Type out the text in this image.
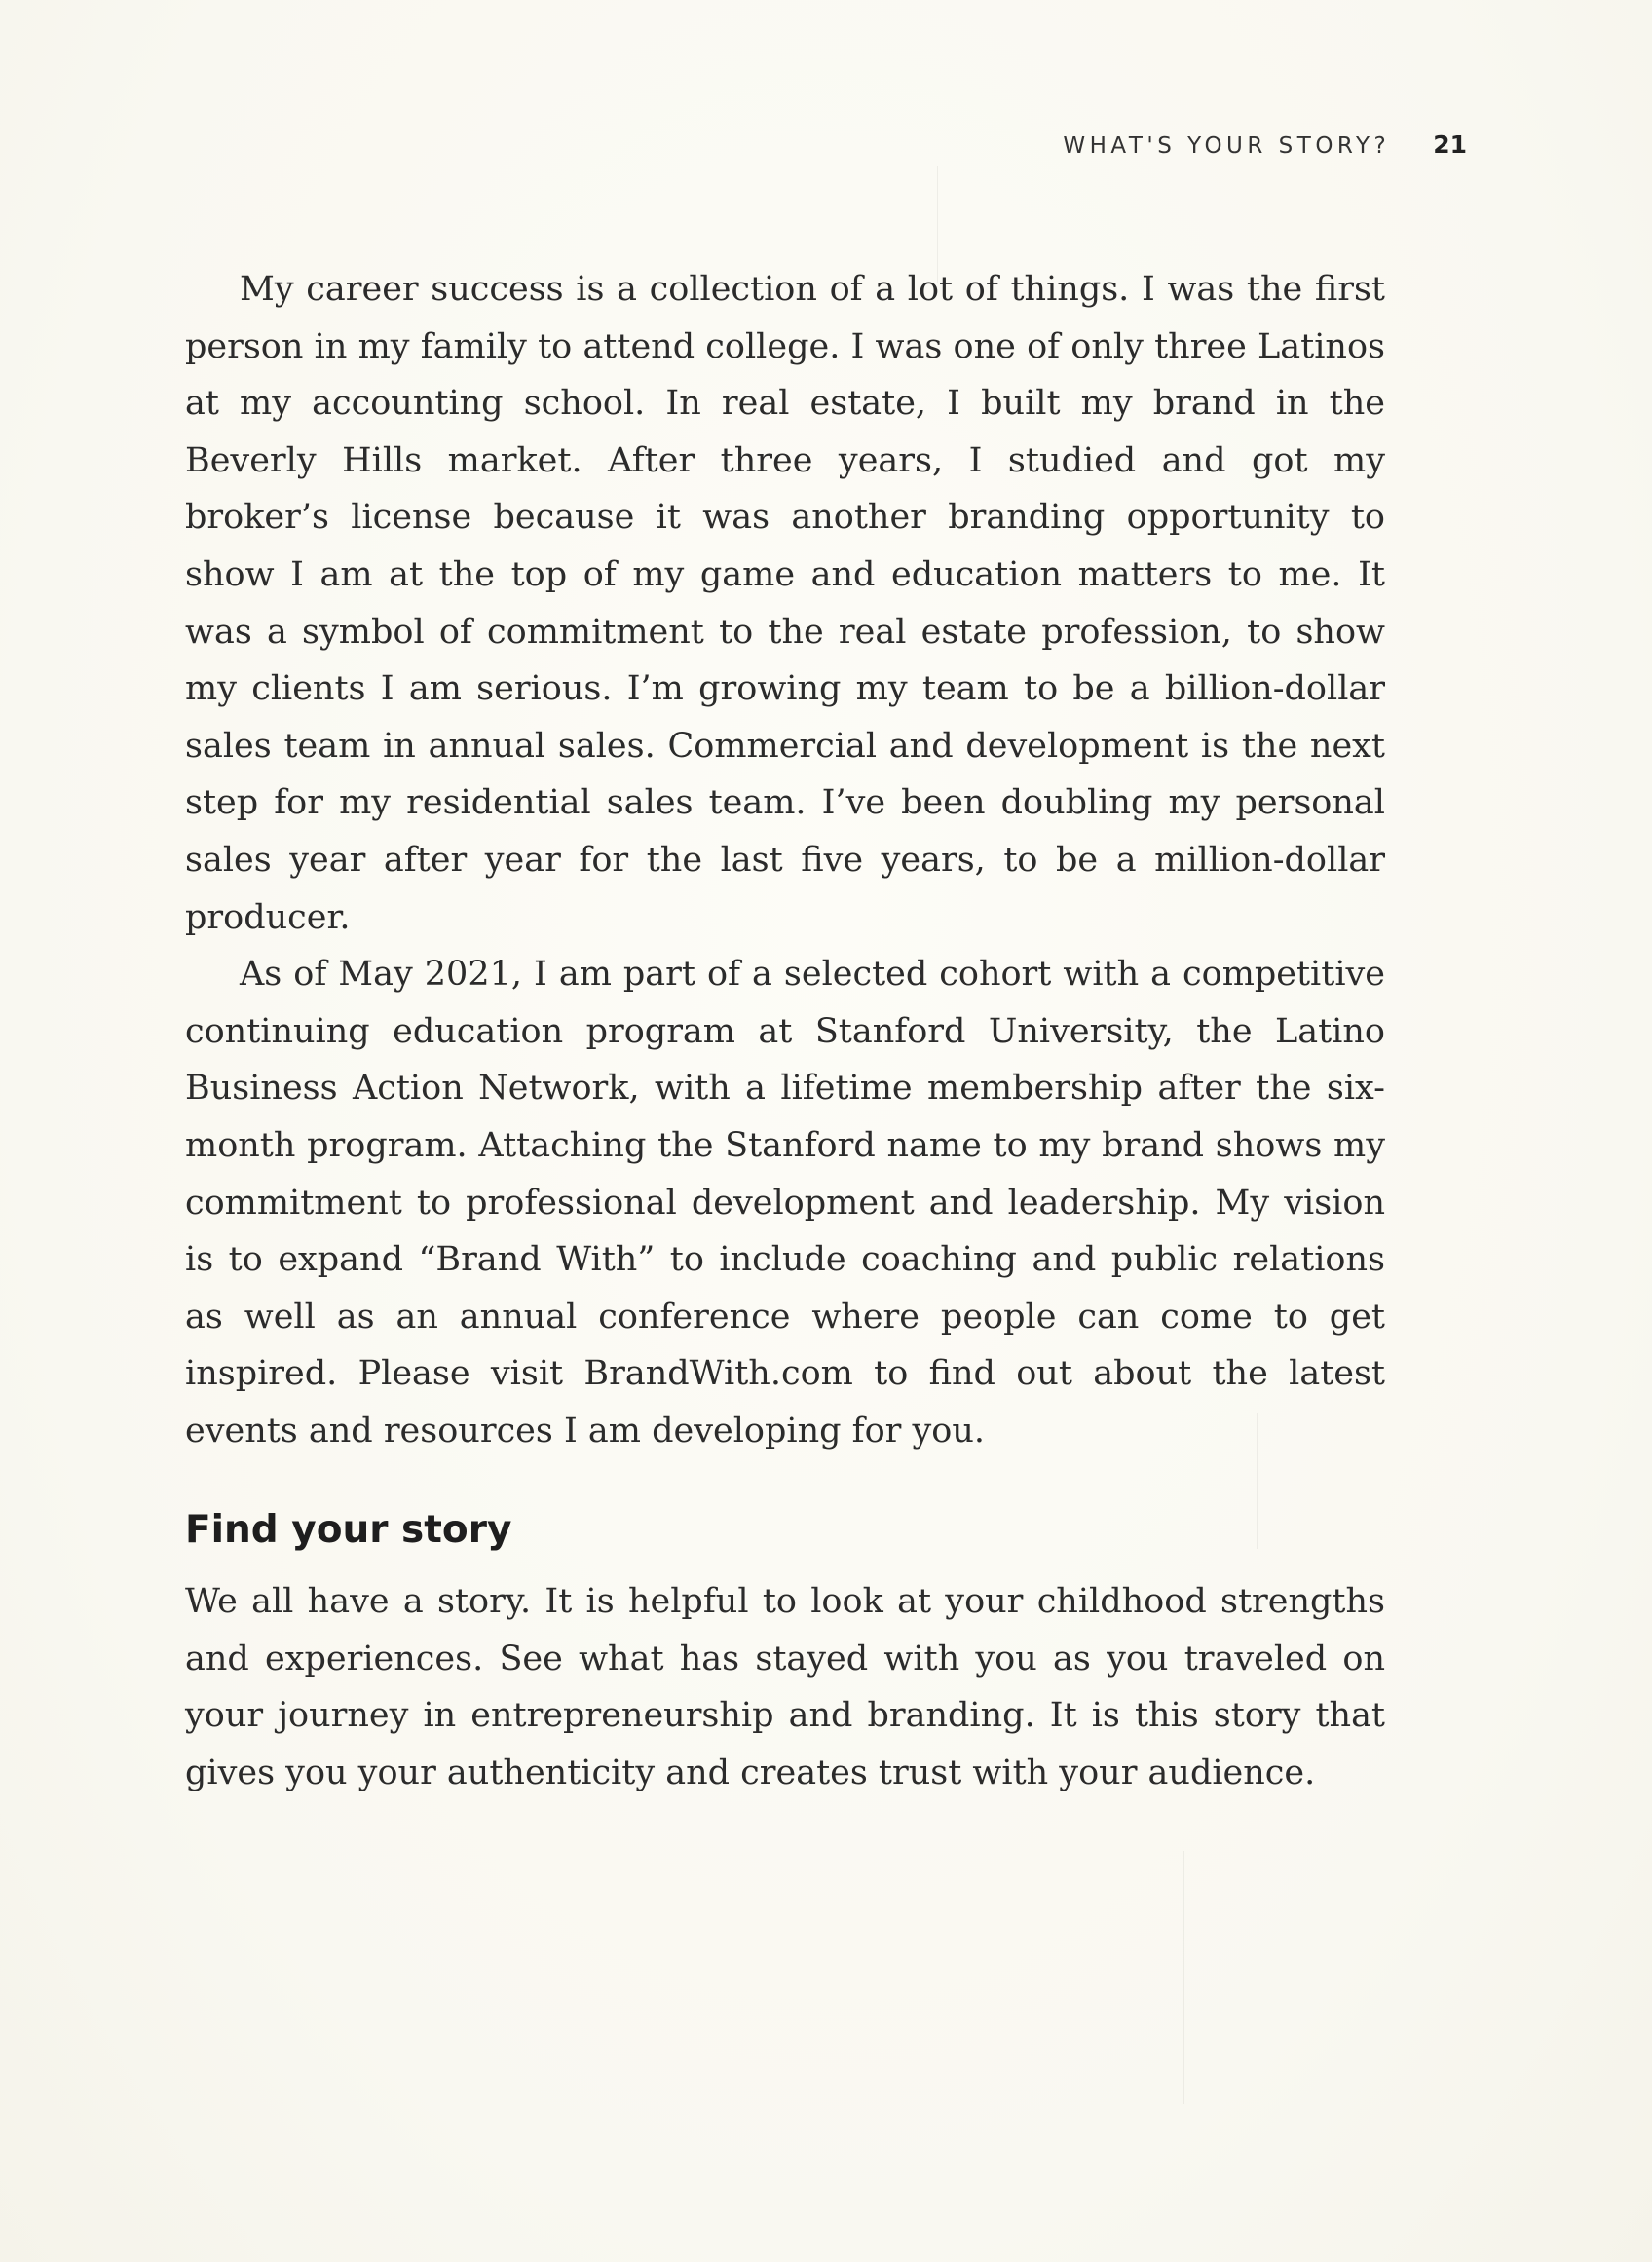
WHAT'S YOUR STORY? 21

My career success is a collection of a lot of things. I was the first person in my family to attend college. I was one of only three Latinos at my accounting school. In real estate, I built my brand in the Beverly Hills market. After three years, I studied and got my broker’s license because it was another branding opportunity to show I am at the top of my game and education matters to me. It was a symbol of commitment to the real estate profession, to show my clients I am serious. I’m growing my team to be a billion-dollar sales team in annual sales. Commercial and development is the next step for my residential sales team. I’ve been doubling my personal sales year after year for the last five years, to be a million-dollar producer.

As of May 2021, I am part of a selected cohort with a competitive continuing education program at Stanford University, the Latino Business Action Network, with a lifetime membership after the six-month program. Attaching the Stanford name to my brand shows my commitment to professional development and leadership. My vision is to expand “Brand With” to include coaching and public relations as well as an annual conference where people can come to get inspired. Please visit BrandWith.com to find out about the latest events and resources I am developing for you.

Find your story

We all have a story. It is helpful to look at your childhood strengths and experiences. See what has stayed with you as you traveled on your journey in entrepreneurship and branding. It is this story that gives you your authenticity and creates trust with your audience.
